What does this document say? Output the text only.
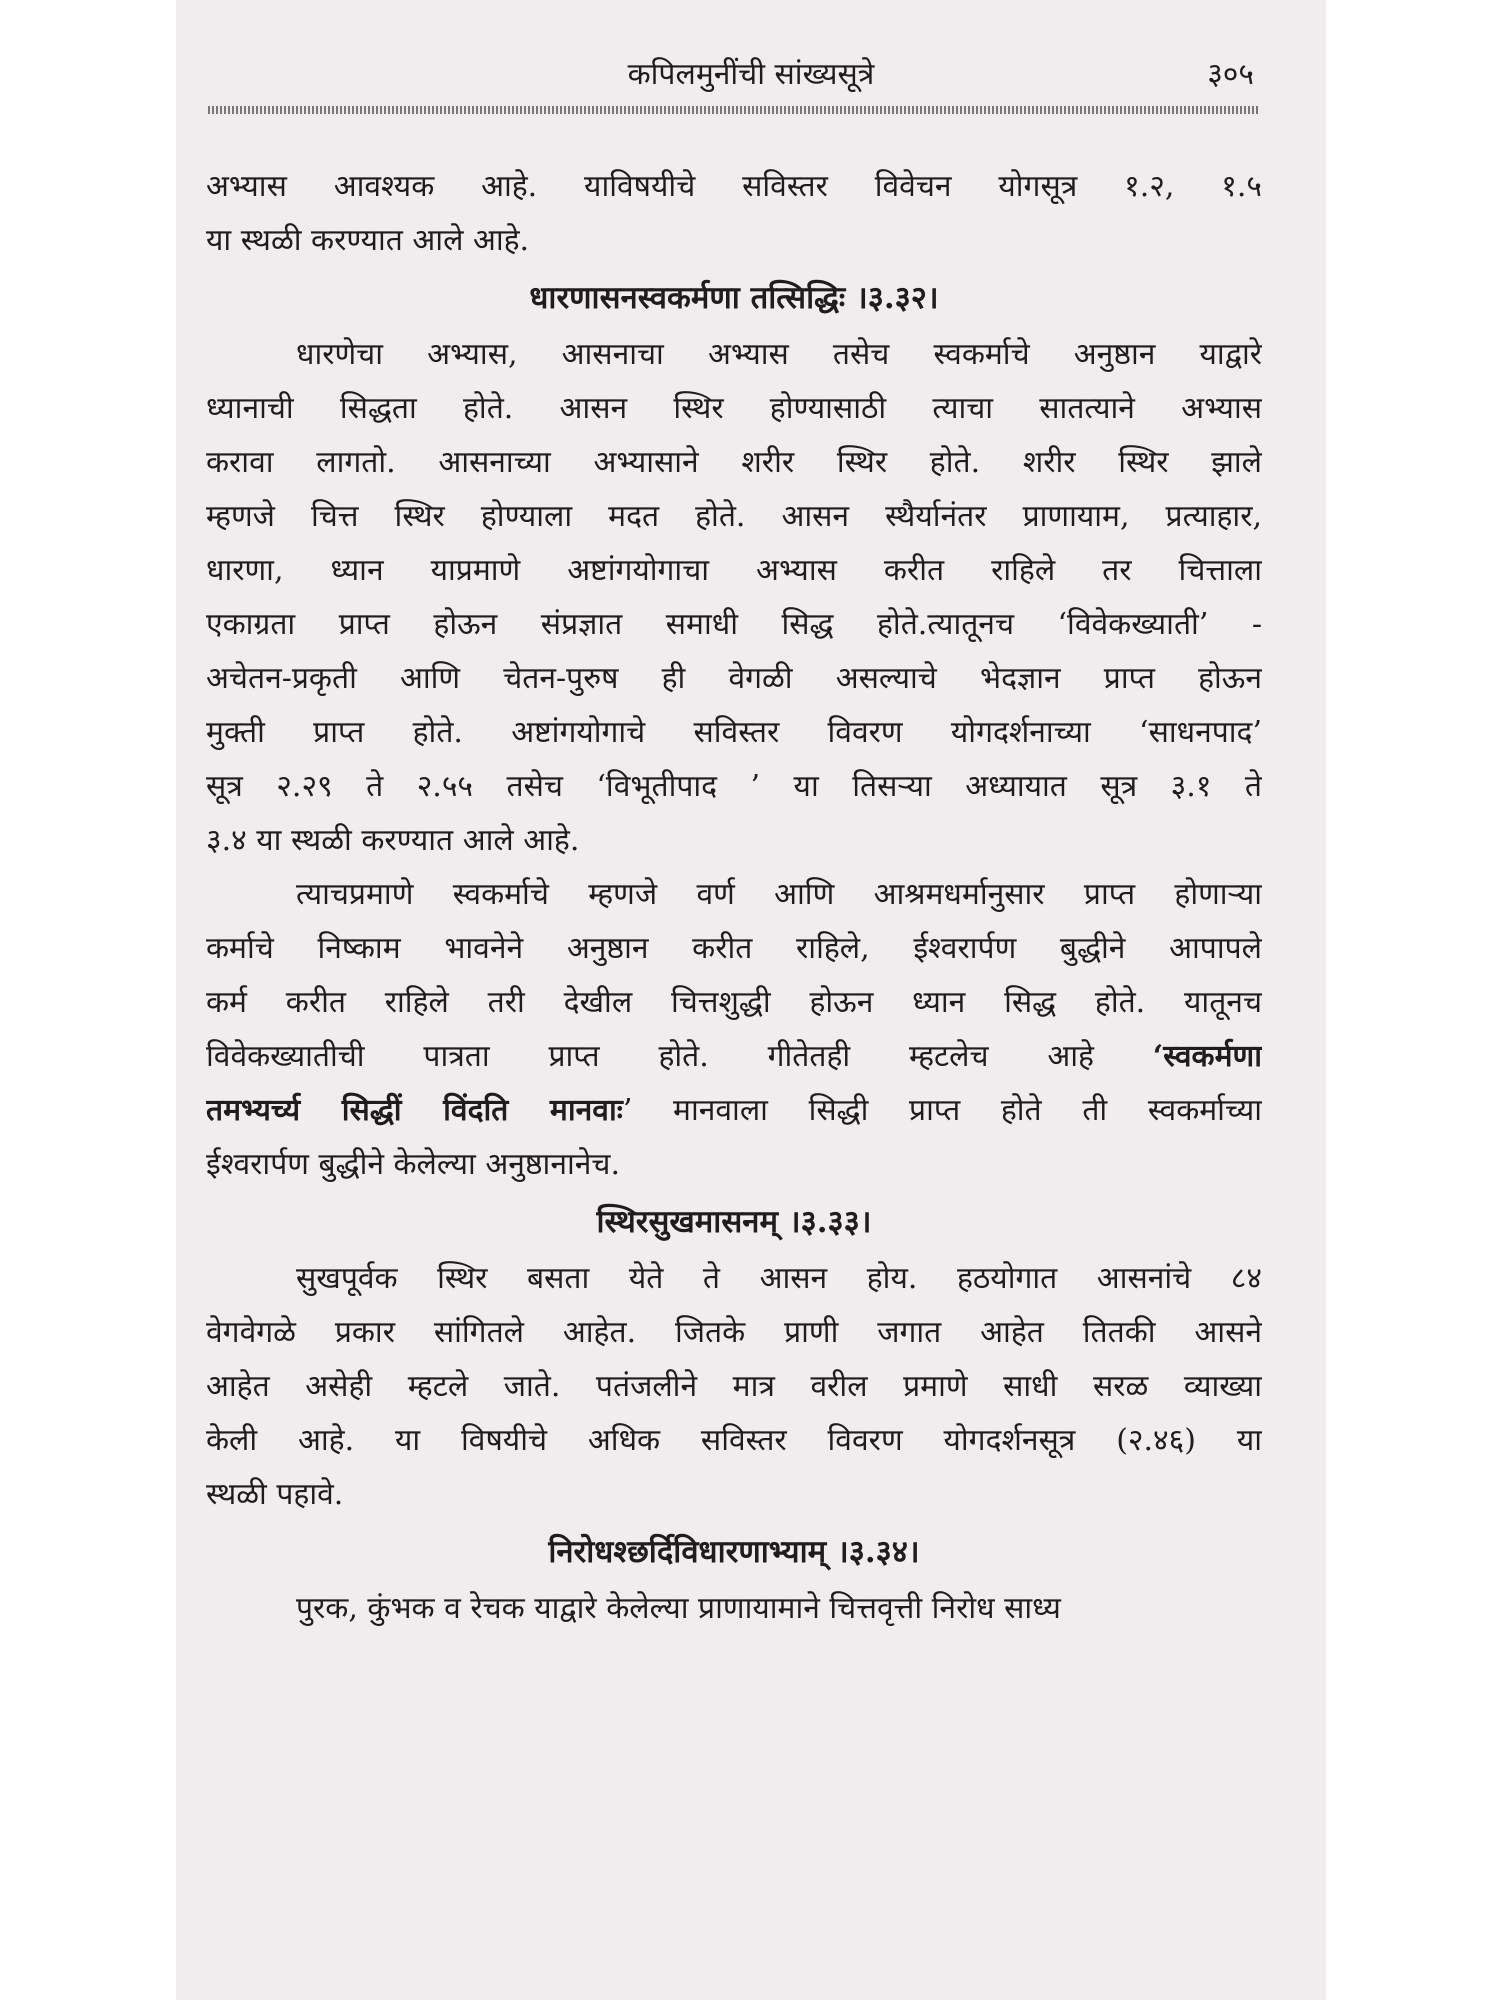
कपिलमुनींची सांख्यसूत्रे	३०५
अभ्यास आवश्यक आहे. याविषयीचे सविस्तर विवेचन योगसूत्र १.२, १.५
या स्थळी करण्यात आले आहे.
धारणासनस्वकर्मणा तत्सिद्धिः ।३.३२।
धारणेचा अभ्यास, आसनाचा अभ्यास तसेच स्वकर्माचे अनुष्ठान याद्वारे
ध्यानाची सिद्धता होते. आसन स्थिर होण्यासाठी त्याचा सातत्याने अभ्यास
करावा लागतो. आसनाच्या अभ्यासाने शरीर स्थिर होते. शरीर स्थिर झाले
म्हणजे चित्त स्थिर होण्याला मदत होते. आसन स्थैर्यानंतर प्राणायाम, प्रत्याहार,
धारणा, ध्यान याप्रमाणे अष्टांगयोगाचा अभ्यास करीत राहिले तर चित्ताला
एकाग्रता प्राप्त होऊन संप्रज्ञात समाधी सिद्ध होते.त्यातूनच ‘विवेकख्याती’ -
अचेतन-प्रकृती आणि चेतन-पुरुष ही वेगळी असल्याचे भेदज्ञान प्राप्त होऊन
मुक्ती प्राप्त होते. अष्टांगयोगाचे सविस्तर विवरण योगदर्शनाच्या ‘साधनपाद’
सूत्र २.२९ ते २.५५ तसेच ‘विभूतीपाद ’ या तिसऱ्या अध्यायात सूत्र ३.१ ते
३.४ या स्थळी करण्यात आले आहे.
त्याचप्रमाणे स्वकर्माचे म्हणजे वर्ण आणि आश्रमधर्मानुसार प्राप्त होणाऱ्या
कर्माचे निष्काम भावनेने अनुष्ठान करीत राहिले, ईश्वरार्पण बुद्धीने आपापले
कर्म करीत राहिले तरी देखील चित्तशुद्धी होऊन ध्यान सिद्ध होते. यातूनच
विवेकख्यातीची पात्रता प्राप्त होते. गीतेतही म्हटलेच आहे ‘स्वकर्मणा
तमभ्यर्च्य सिद्धीं विंदति मानवाः’ मानवाला सिद्धी प्राप्त होते ती स्वकर्माच्या
ईश्वरार्पण बुद्धीने केलेल्या अनुष्ठानानेच.
स्थिरसुखमासनम् ।३.३३।
सुखपूर्वक स्थिर बसता येते ते आसन होय. हठयोगात आसनांचे ८४
वेगवेगळे प्रकार सांगितले आहेत. जितके प्राणी जगात आहेत तितकी आसने
आहेत असेही म्हटले जाते. पतंजलीने मात्र वरील प्रमाणे साधी सरळ व्याख्या
केली आहे. या विषयीचे अधिक सविस्तर विवरण योगदर्शनसूत्र (२.४६) या
स्थळी पहावे.
निरोधश्छर्दिविधारणाभ्याम् ।३.३४।
पुरक, कुंभक व रेचक याद्वारे केलेल्या प्राणायामाने चित्तवृत्ती निरोध साध्य
